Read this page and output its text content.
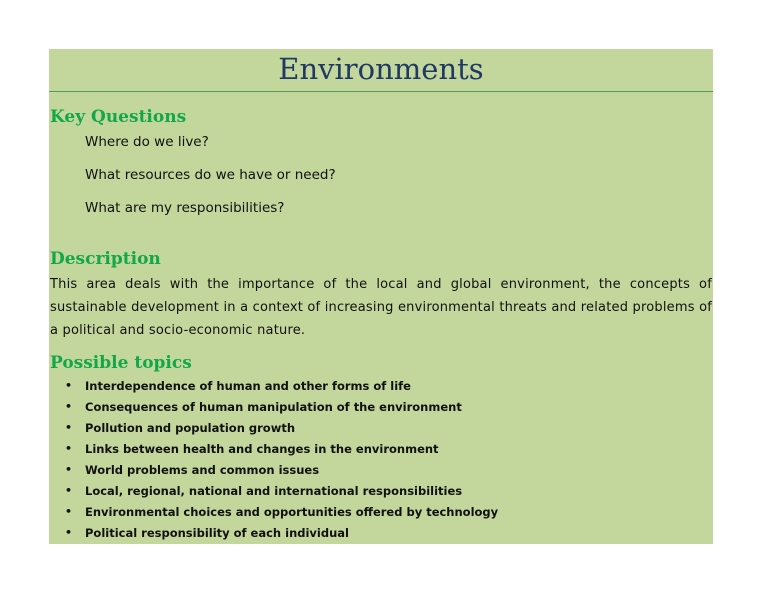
Environments
Key Questions
Where do we live?
What resources do we have or need?
What are my responsibilities?
Description
This area deals with the importance of the local and global environment, the concepts of sustainable development in a context of increasing environmental threats and related problems of a political and socio-economic nature.
Possible topics
• Interdependence of human and other forms of life
• Consequences of human manipulation of the environment
• Pollution and population growth
• Links between health and changes in the environment
• World problems and common issues
• Local, regional, national and international responsibilities
• Environmental choices and opportunities offered by technology
• Political responsibility of each individual
